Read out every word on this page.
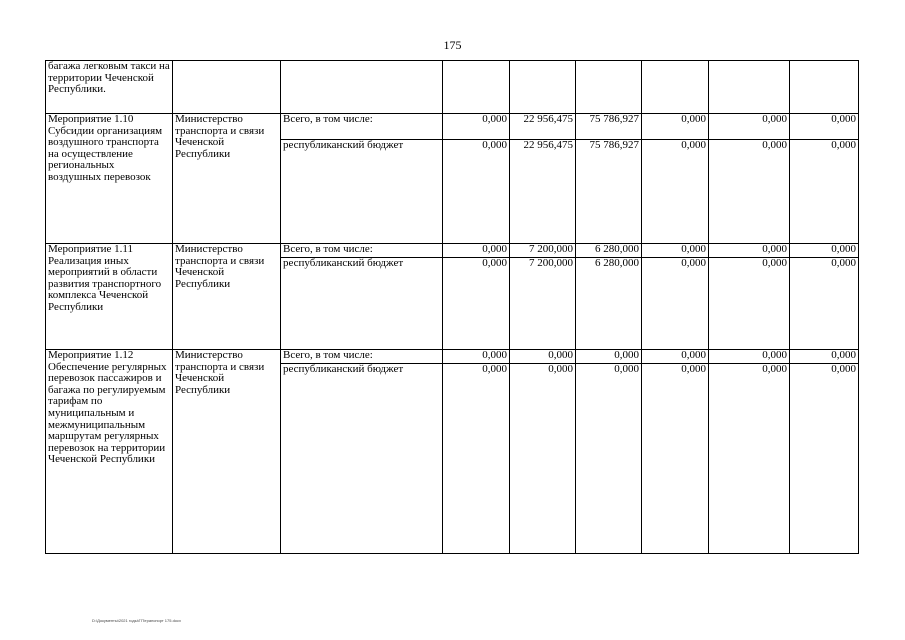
175
багажа легковым такси на территории Чеченской Республики.								
Мероприятие 1.10 Субсидии организациям воздушного транспорта на осуществление региональных воздушных перевозок	Министерство транспорта и связи Чеченской Республики	Всего, в том числе:	0,000	22 956,475	75 786,927	0,000	0,000	0,000
		республиканский бюджет	0,000	22 956,475	75 786,927	0,000	0,000	0,000
Мероприятие 1.11 Реализация иных мероприятий в области развития транспортного комплекса Чеченской Республики	Министерство транспорта и связи Чеченской Республики	Всего, в том числе:	0,000	7 200,000	6 280,000	0,000	0,000	0,000
		республиканский бюджет	0,000	7 200,000	6 280,000	0,000	0,000	0,000
Мероприятие 1.12 Обеспечение регулярных перевозок пассажиров и багажа по регулируемым тарифам по муниципальным и межмуниципальным маршрутам регулярных перевозок на территории Чеченской Республики	Министерство транспорта и связи Чеченской Республики	Всего, в том числе:	0,000	0,000	0,000	0,000	0,000	0,000
		республиканский бюджет	0,000	0,000	0,000	0,000	0,000	0,000
D:\Документы\2021 годы\ГП\транспорт 175.docx
